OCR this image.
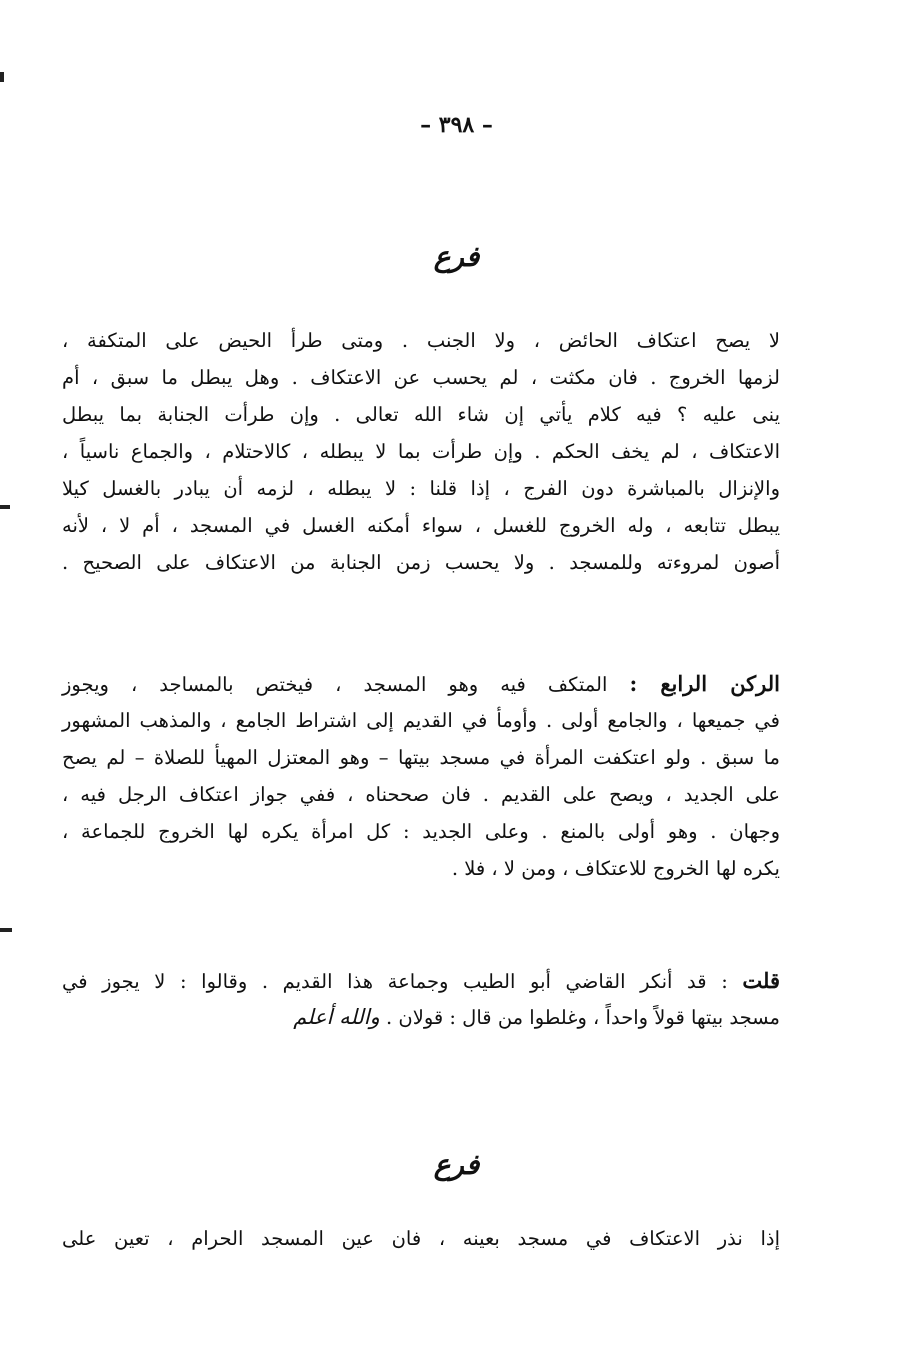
– ٣٩٨ –
فرع
لا يصح اعتكاف الحائض ، ولا الجنب . ومتى طرأ الحيض على المتكفة ،
لزمها الخروج . فان مكثت ، لم يحسب عن الاعتكاف . وهل يبطل ما سبق ، أم
ينى عليه ؟ فيه كلام يأتي إن شاء الله تعالى . وإن طرأت الجنابة بما يبطل
الاعتكاف ، لم يخف الحكم . وإن طرأت بما لا يبطله ، كالاحتلام ، والجماع ناسياً ،
والإنزال بالمباشرة دون الفرج ، إذا قلنا : لا يبطله ، لزمه أن يبادر بالغسل كيلا
يبطل تتابعه ، وله الخروج للغسل ، سواء أمكنه الغسل في المسجد ، أم لا ، لأنه
أصون لمروءته وللمسجد . ولا يحسب زمن الجنابة من الاعتكاف على الصحيح .
الركن الرابع : المتكف فيه وهو المسجد ، فيختص بالمساجد ، ويجوز
في جميعها ، والجامع أولى . وأومأ في القديم إلى اشتراط الجامع ، والمذهب المشهور
ما سبق . ولو اعتكفت المرأة في مسجد بيتها – وهو المعتزل المهيأ للصلاة – لم يصح
على الجديد ، ويصح على القديم . فان صححناه ، ففي جواز اعتكاف الرجل فيه ،
وجهان . وهو أولى بالمنع . وعلى الجديد : كل امرأة يكره لها الخروج للجماعة ،
يكره لها الخروج للاعتكاف ، ومن لا ، فلا .
قلت : قد أنكر القاضي أبو الطيب وجماعة هذا القديم . وقالوا : لا يجوز في
مسجد بيتها قولاً واحداً ، وغلطوا من قال : قولان . والله أعلم
فرع
إذا نذر الاعتكاف في مسجد بعينه ، فان عين المسجد الحرام ، تعين على
